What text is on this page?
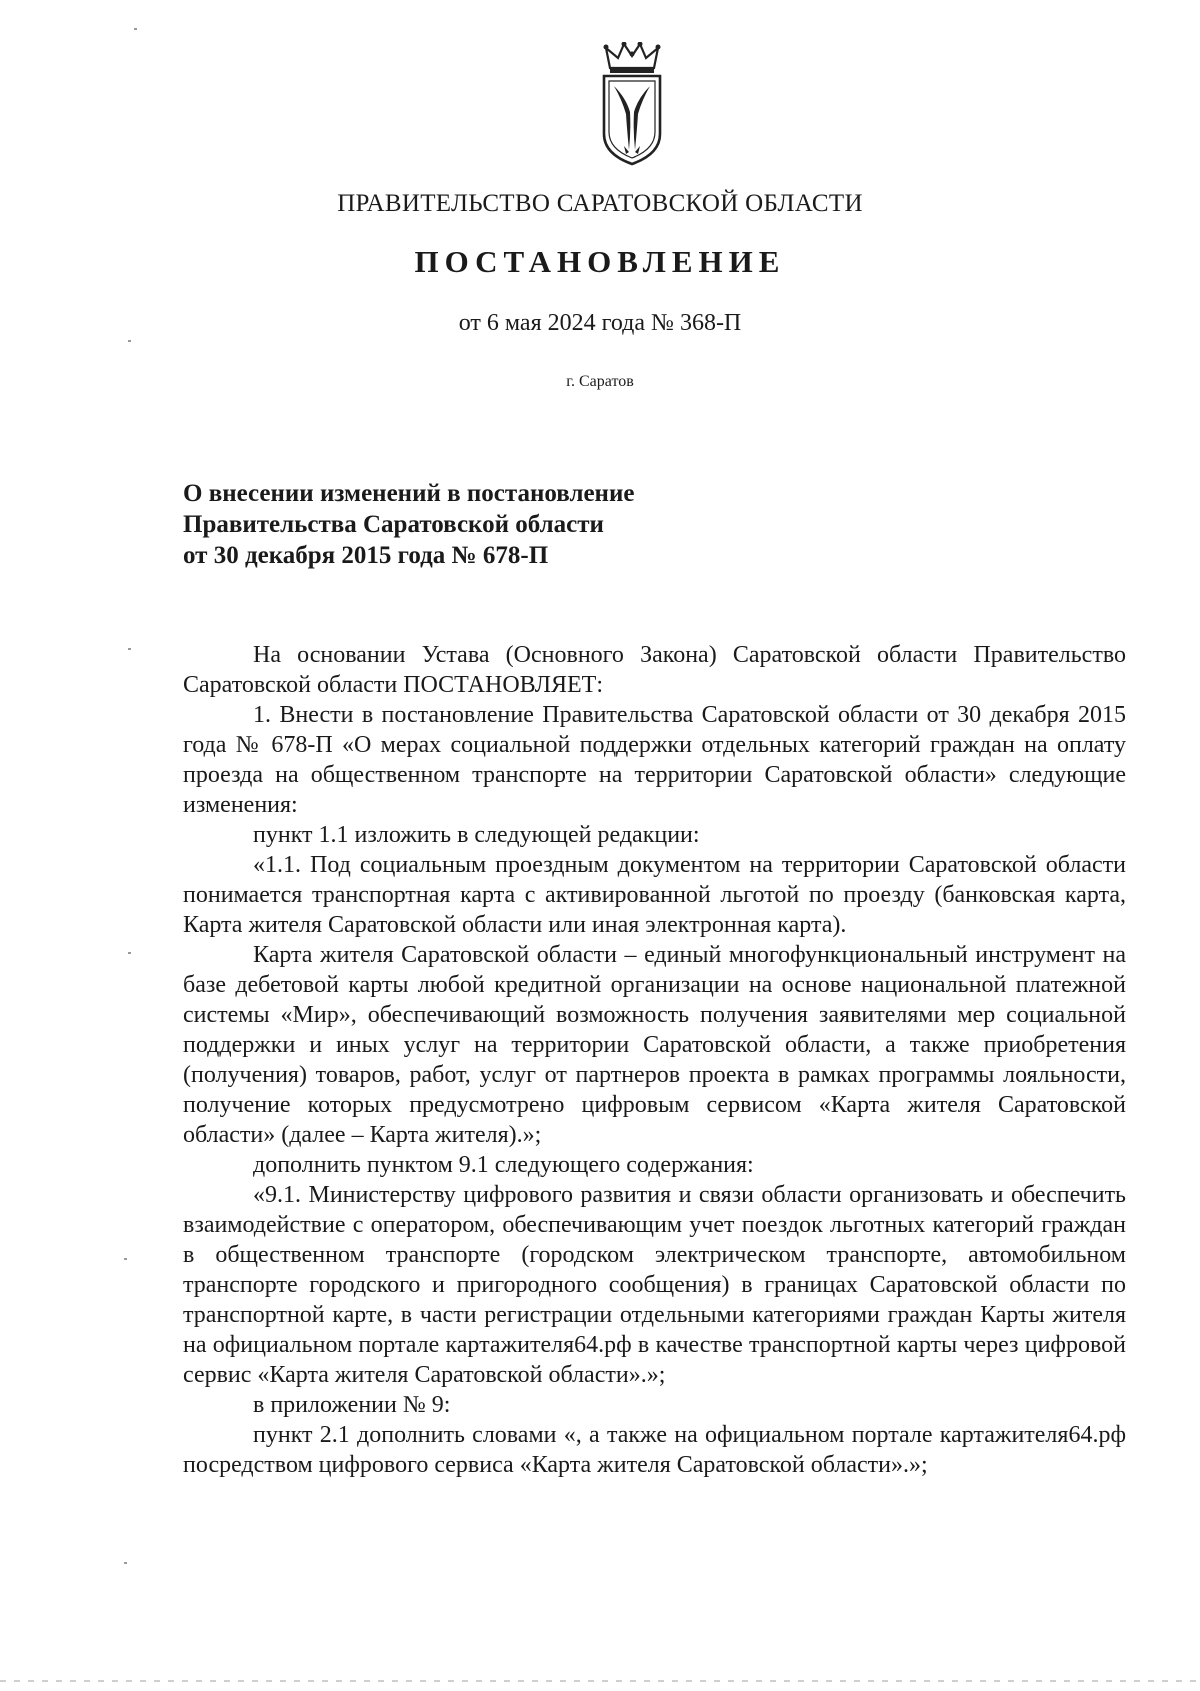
ПРАВИТЕЛЬСТВО САРАТОВСКОЙ ОБЛАСТИ
ПОСТАНОВЛЕНИЕ
от 6 мая 2024 года № 368-П
г. Саратов
О внесении изменений в постановление
Правительства Саратовской области
от 30 декабря 2015 года № 678-П

На основании Устава (Основного Закона) Саратовской области Правительство Саратовской области ПОСТАНОВЛЯЕТ:

1. Внести в постановление Правительства Саратовской области от 30 декабря 2015 года № 678-П «О мерах социальной поддержки отдельных категорий граждан на оплату проезда на общественном транспорте на территории Саратовской области» следующие изменения:

пункт 1.1 изложить в следующей редакции:

«1.1. Под социальным проездным документом на территории Саратовской области понимается транспортная карта с активированной льготой по проезду (банковская карта, Карта жителя Саратовской области или иная электронная карта).

Карта жителя Саратовской области – единый многофункциональный инструмент на базе дебетовой карты любой кредитной организации на основе национальной платежной системы «Мир», обеспечивающий возможность получения заявителями мер социальной поддержки и иных услуг на территории Саратовской области, а также приобретения (получения) товаров, работ, услуг от партнеров проекта в рамках программы лояльности, получение которых предусмотрено цифровым сервисом «Карта жителя Саратовской области» (далее – Карта жителя).»;

дополнить пунктом 9.1 следующего содержания:

«9.1. Министерству цифрового развития и связи области организовать и обеспечить взаимодействие с оператором, обеспечивающим учет поездок льготных категорий граждан в общественном транспорте (городском электрическом транспорте, автомобильном транспорте городского и пригородного сообщения) в границах Саратовской области по транспортной карте, в части регистрации отдельными категориями граждан Карты жителя на официальном портале картажителя64.рф в качестве транспортной карты через цифровой сервис «Карта жителя Саратовской области».»;

в приложении № 9:

пункт 2.1 дополнить словами «, а также на официальном портале картажителя64.рф посредством цифрового сервиса «Карта жителя Саратовской области».»;
